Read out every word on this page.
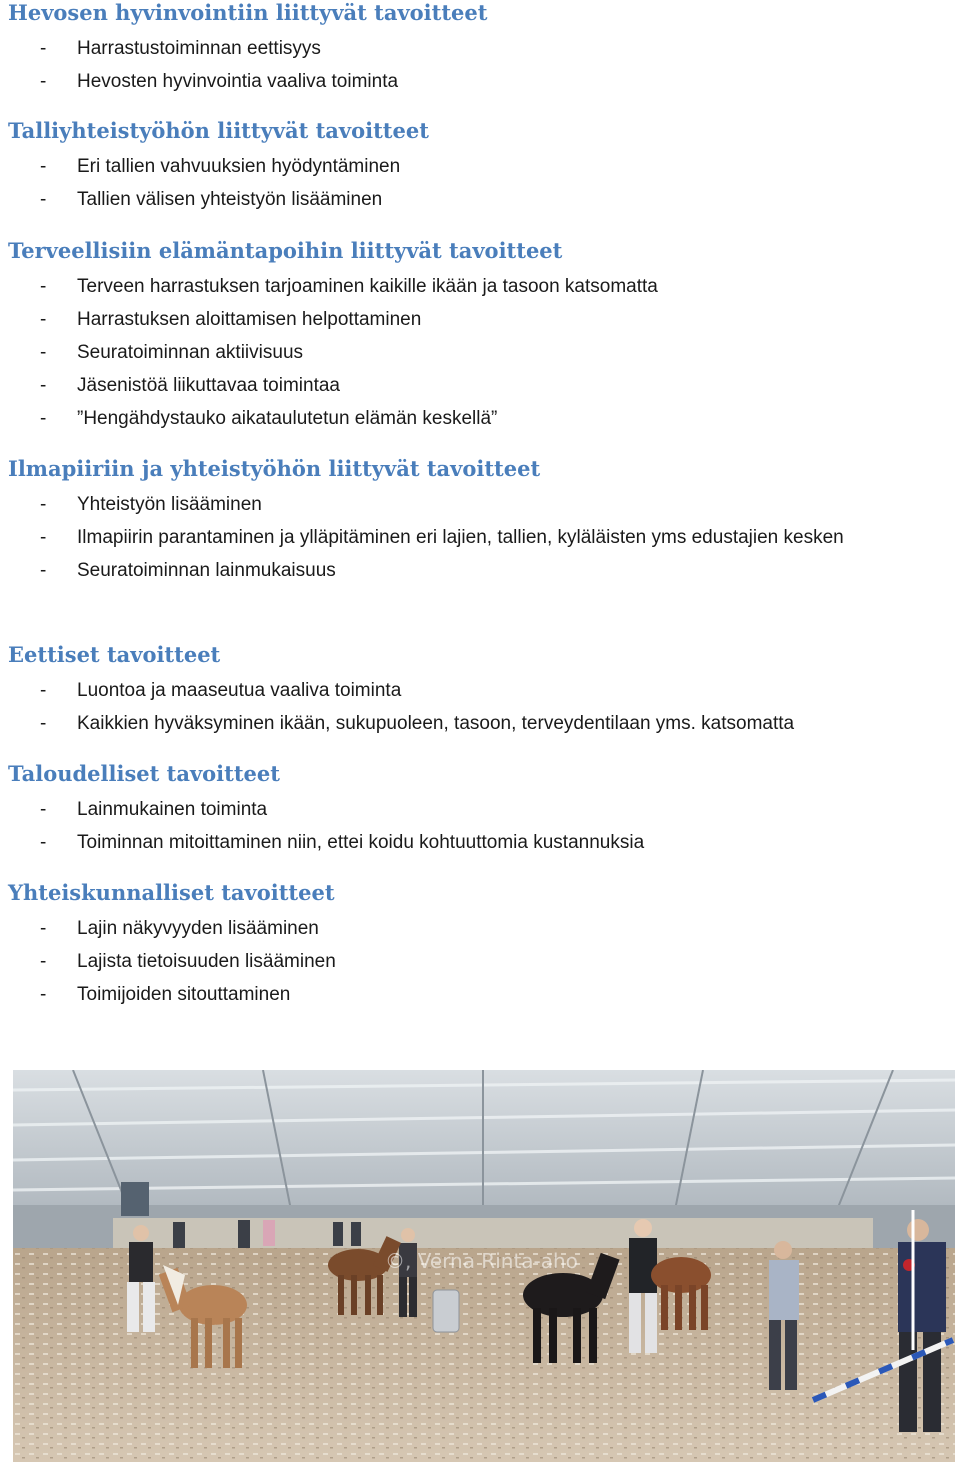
Hevosen hyvinvointiin liittyvät tavoitteet
- Harrastustoiminnan eettisyys
- Hevosten hyvinvointia vaaliva toiminta
Talliyhteistyöhön liittyvät tavoitteet
- Eri tallien vahvuuksien hyödyntäminen
- Tallien välisen yhteistyön lisääminen
Terveellisiin elämäntapoihin liittyvät tavoitteet
- Terveen harrastuksen tarjoaminen kaikille ikään ja tasoon katsomatta
- Harrastuksen aloittamisen helpottaminen
- Seuratoiminnan aktiivisuus
- Jäsenistöä liikuttavaa toimintaa
- ”Hengähdystauko aikataulutetun elämän keskellä”
Ilmapiiriin ja yhteistyöhön liittyvät tavoitteet
- Yhteistyön lisääminen
- Ilmapiirin parantaminen ja ylläpitäminen eri lajien, tallien, kyläläisten yms edustajien kesken
- Seuratoiminnan lainmukaisuus
Eettiset tavoitteet
- Luontoa ja maaseutua vaaliva toiminta
- Kaikkien hyväksyminen ikään, sukupuoleen, tasoon, terveydentilaan yms. katsomatta
Taloudelliset tavoitteet
- Lainmukainen toiminta
- Toiminnan mitoittaminen niin, ettei koidu kohtuuttomia kustannuksia
Yhteiskunnalliset tavoitteet
- Lajin näkyvyyden lisääminen
- Lajista tietoisuuden lisääminen
- Toimijoiden sitouttaminen
©, Verna Rinta-aho
